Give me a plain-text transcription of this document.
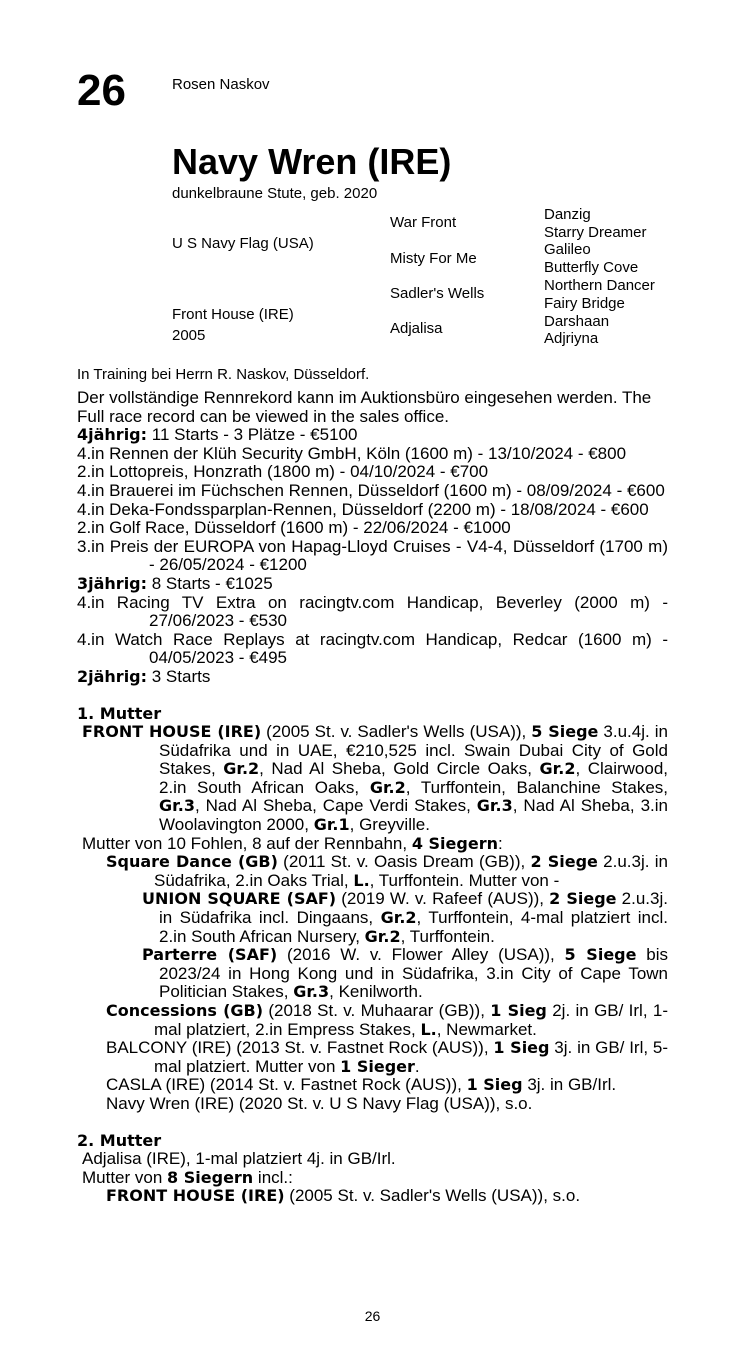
26	Rosen Naskov
Navy Wren (IRE)
dunkelbraune Stute, geb. 2020
U S Navy Flag (USA)
Front House (IRE)
2005
War Front
Misty For Me
Sadler's Wells
Adjalisa
Danzig
Starry Dreamer
Galileo
Butterfly Cove
Northern Dancer
Fairy Bridge
Darshaan
Adjriyna
In Training bei Herrn R. Naskov, Düsseldorf.

Der vollständige Rennrekord kann im Auktionsbüro eingesehen werden. The Full race record can be viewed in the sales office.

4jährig: 11 Starts - 3 Plätze - €5100

4.in Rennen der Klüh Security GmbH, Köln (1600 m) - 13/10/2024 - €800

2.in Lottopreis, Honzrath (1800 m) - 04/10/2024 - €700

4.in Brauerei im Füchschen Rennen, Düsseldorf (1600 m) - 08/09/2024 - €600

4.in Deka-Fondssparplan-Rennen, Düsseldorf (2200 m) - 18/08/2024 - €600

2.in Golf Race, Düsseldorf (1600 m) - 22/06/2024 - €1000

3.in Preis der EUROPA von Hapag-Lloyd Cruises - V4-4, Düsseldorf (1700 m) - 26/05/2024 - €1200

3jährig: 8 Starts - €1025

4.in Racing TV Extra on racingtv.com Handicap, Beverley (2000 m) - 27/06/2023 - €530

4.in Watch Race Replays at racingtv.com Handicap, Redcar (1600 m) - 04/05/2023 - €495

2jährig: 3 Starts

1. Mutter

FRONT HOUSE (IRE) (2005 St. v. Sadler's Wells (USA)), 5 Siege 3.u.4j. in Südafrika und in UAE, €210,525 incl. Swain Dubai City of Gold Stakes, Gr.2, Nad Al Sheba, Gold Circle Oaks, Gr.2, Clairwood, 2.in South African Oaks, Gr.2, Turffontein, Balanchine Stakes, Gr.3, Nad Al Sheba, Cape Verdi Stakes, Gr.3, Nad Al Sheba, 3.in Woolavington 2000, Gr.1, Greyville.

Mutter von 10 Fohlen, 8 auf der Rennbahn, 4 Siegern:

Square Dance (GB) (2011 St. v. Oasis Dream (GB)), 2 Siege 2.u.3j. in Südafrika, 2.in Oaks Trial, L., Turffontein. Mutter von -

UNION SQUARE (SAF) (2019 W. v. Rafeef (AUS)), 2 Siege 2.u.3j. in Südafrika incl. Dingaans, Gr.2, Turffontein, 4-mal platziert incl. 2.in South African Nursery, Gr.2, Turffontein.

Parterre (SAF) (2016 W. v. Flower Alley (USA)), 5 Siege bis 2023/24 in Hong Kong und in Südafrika, 3.in City of Cape Town Politician Stakes, Gr.3, Kenilworth.

Concessions (GB) (2018 St. v. Muhaarar (GB)), 1 Sieg 2j. in GB/ Irl, 1-mal platziert, 2.in Empress Stakes, L., Newmarket.

BALCONY (IRE) (2013 St. v. Fastnet Rock (AUS)), 1 Sieg 3j. in GB/ Irl, 5-mal platziert. Mutter von 1 Sieger.

CASLA (IRE) (2014 St. v. Fastnet Rock (AUS)), 1 Sieg 3j. in GB/Irl.

Navy Wren (IRE) (2020 St. v. U S Navy Flag (USA)), s.o.

2. Mutter

Adjalisa (IRE), 1-mal platziert 4j. in GB/Irl.

Mutter von 8 Siegern incl.:

FRONT HOUSE (IRE) (2005 St. v. Sadler's Wells (USA)), s.o.

26
